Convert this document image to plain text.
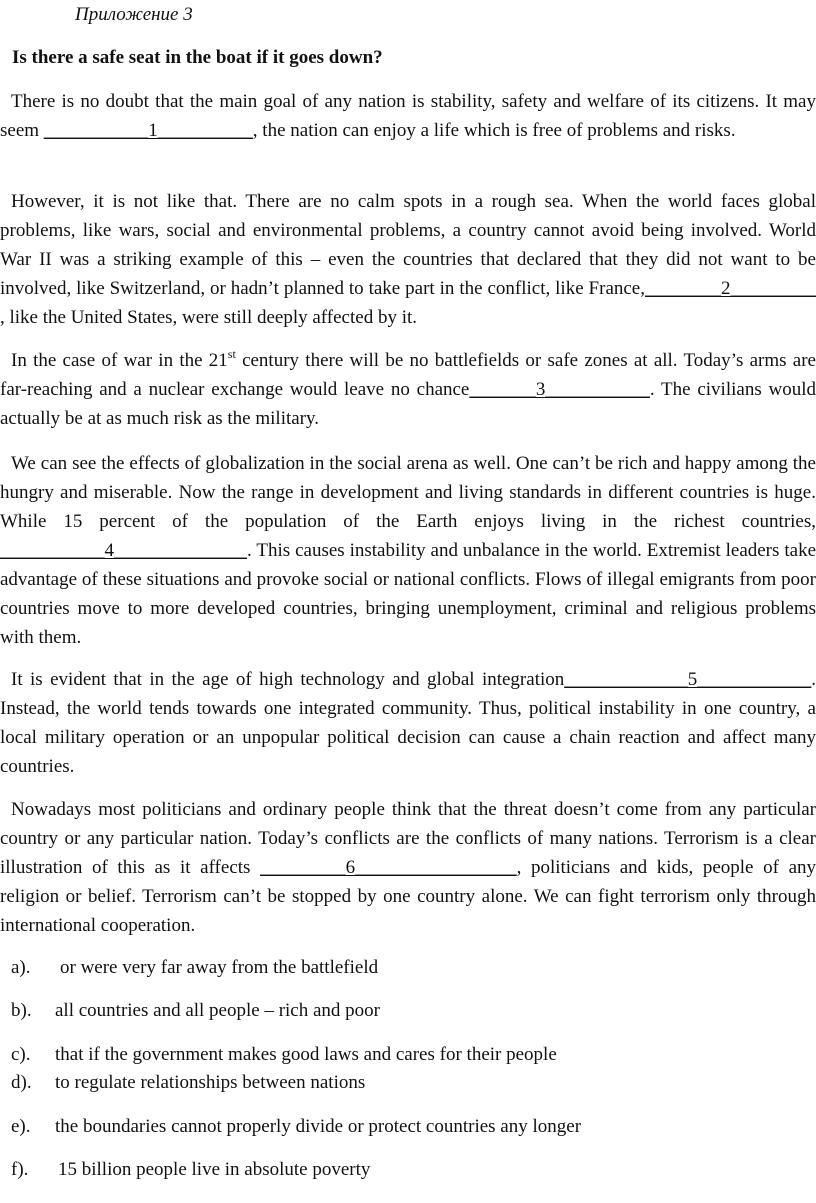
Приложение 3

Is there a safe seat in the boat if it goes down?

There is no doubt that the main goal of any nation is stability, safety and welfare of its citizens. It may seem ___________1__________, the nation can enjoy a life which is free of problems and risks.

However, it is not like that. There are no calm spots in a rough sea. When the world faces global problems, like wars, social and environmental problems, a country cannot avoid being involved. World War II was a striking example of this – even the countries that declared that they did not want to be involved, like Switzerland, or hadn’t planned to take part in the conflict, like France,________2_________ , like the United States, were still deeply affected by it.

In the case of war in the 21st century there will be no battlefields or safe zones at all. Today’s arms are far-reaching and a nuclear exchange would leave no chance_______3___________. The civilians would actually be at as much risk as the military.

We can see the effects of globalization in the social arena as well. One can’t be rich and happy among the hungry and miserable. Now the range in development and living standards in different countries is huge. While 15 percent of the population of the Earth enjoys living in the richest countries, ___________4______________. This causes instability and unbalance in the world. Extremist leaders take advantage of these situations and provoke social or national conflicts. Flows of illegal emigrants from poor countries move to more developed countries, bringing unemployment, criminal and religious problems with them.

It is evident that in the age of high technology and global integration_____________5____________. Instead, the world tends towards one integrated community. Thus, political instability in one country, a local military operation or an unpopular political decision can cause a chain reaction and affect many countries.

Nowadays most politicians and ordinary people think that the threat doesn’t come from any particular country or any particular nation. Today’s conflicts are the conflicts of many nations. Terrorism is a clear illustration of this as it affects _________6_________________, politicians and kids, people of any religion or belief. Terrorism can’t be stopped by one country alone. We can fight terrorism only through international cooperation.

a). or were very far away from the battlefield

b). all countries and all people – rich and poor

c). that if the government makes good laws and cares for their people

d). to regulate relationships between nations

e). the boundaries cannot properly divide or protect countries any longer

f). 15 billion people live in absolute poverty
